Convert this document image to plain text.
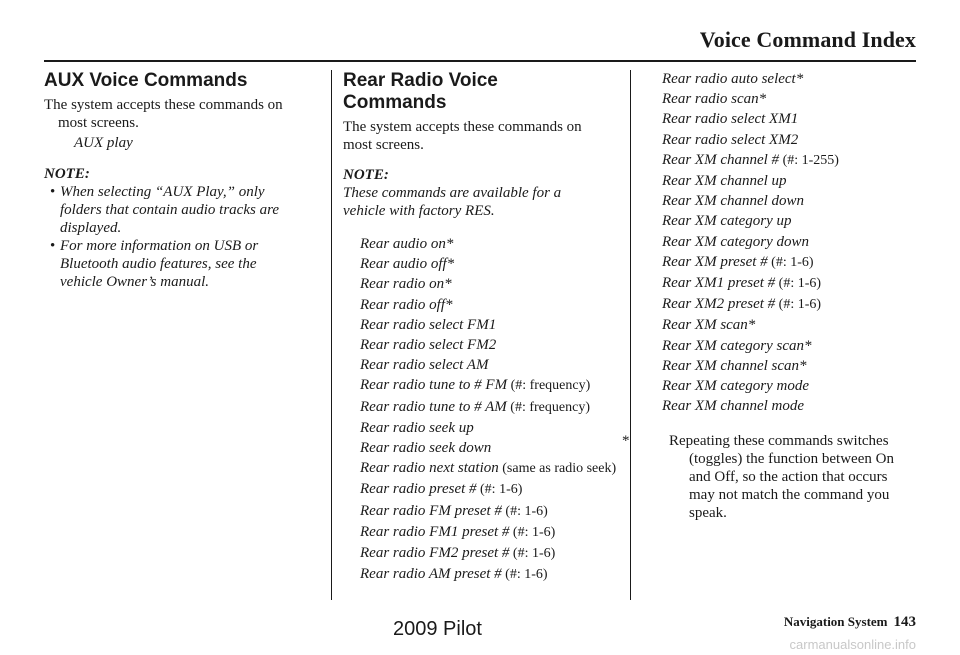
Voice Command Index
AUX Voice Commands
The system accepts these commands on
most screens.
AUX play
NOTE:
• When selecting “AUX Play,” only
folders that contain audio tracks are
displayed.
• For more information on USB or
Bluetooth audio features, see the
vehicle Owner’s manual.
Rear Radio Voice
Commands
The system accepts these commands on
most screens.
NOTE:
These commands are available for a
vehicle with factory RES.
Rear audio on*
Rear audio off*
Rear radio on*
Rear radio off*
Rear radio select FM1
Rear radio select FM2
Rear radio select AM
Rear radio tune to # FM (#: frequency)
Rear radio tune to # AM (#: frequency)
Rear radio seek up
Rear radio seek down
Rear radio next station (same as radio seek)
Rear radio preset # (#: 1-6)
Rear radio FM preset # (#: 1-6)
Rear radio FM1 preset # (#: 1-6)
Rear radio FM2 preset # (#: 1-6)
Rear radio AM preset # (#: 1-6)
Rear radio auto select*
Rear radio scan*
Rear radio select XM1
Rear radio select XM2
Rear XM channel # (#: 1-255)
Rear XM channel up
Rear XM channel down
Rear XM category up
Rear XM category down
Rear XM preset # (#: 1-6)
Rear XM1 preset # (#: 1-6)
Rear XM2 preset # (#: 1-6)
Rear XM scan*
Rear XM category scan*
Rear XM channel scan*
Rear XM category mode
Rear XM channel mode
*	Repeating these commands switches
(toggles) the function between On
and Off, so the action that occurs
may not match the command you
speak.
Navigation System 143
2009 Pilot
carmanualsonline.info
